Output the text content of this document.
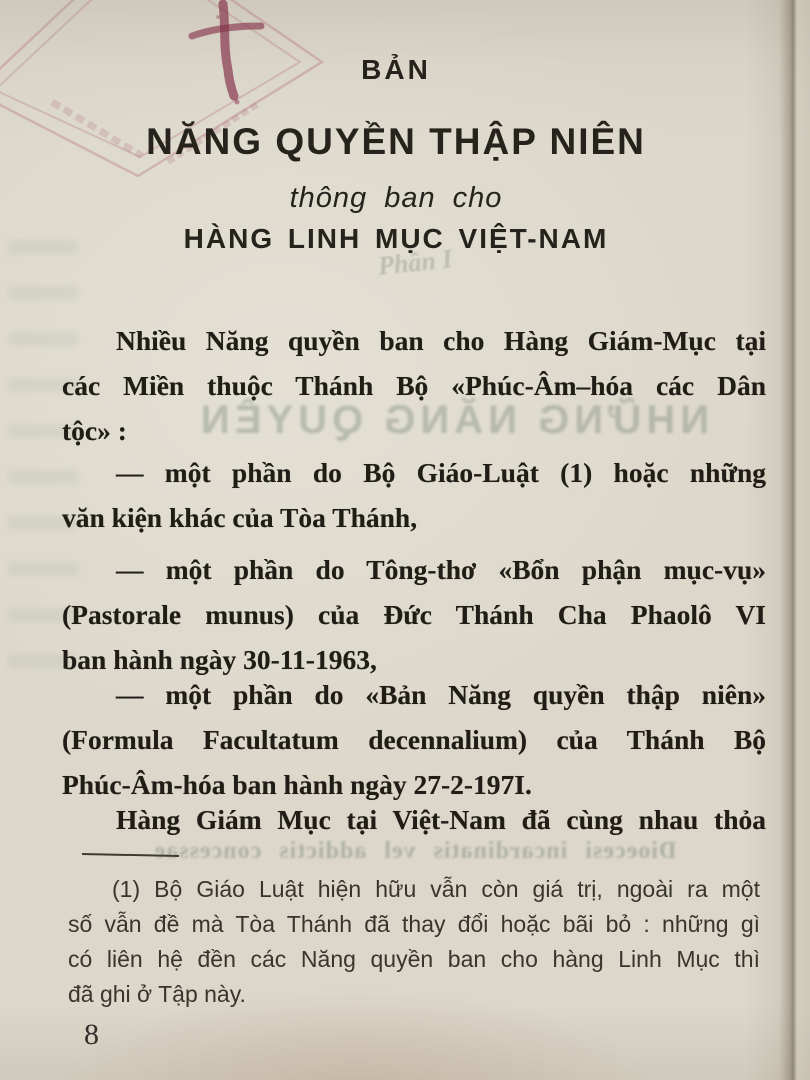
Phần I
NHỮNG NĂNG QUYỀN
Dioecesi incardinatis vel addictis concessae
BẢN
NĂNG QUYỀN THẬP NIÊN
thông ban cho
HÀNG LINH MỤC VIỆT-NAM
Nhiều Năng quyền ban cho Hàng Giám-Mục tại
các Miền thuộc Thánh Bộ «Phúc-Âm–hóa các Dân
tộc» :
— một phần do Bộ Giáo-Luật (1) hoặc những
văn kiện khác của Tòa Thánh,
— một phần do Tông-thơ «Bổn phận mục-vụ»
(Pastorale munus) của Đức Thánh Cha Phaolô VI
ban hành ngày 30-11-1963,
— một phần do «Bản Năng quyền thập niên»
(Formula Facultatum decennalium) của Thánh Bộ
Phúc-Âm-hóa ban hành ngày 27-2-197I.
Hàng Giám Mục tại Việt-Nam đã cùng nhau thỏa
(1) Bộ Giáo Luật hiện hữu vẫn còn giá trị, ngoài ra một
số vẫn đề mà Tòa Thánh đã thay đổi hoặc bãi bỏ : những gì
có liên hệ đền các Năng quyền ban cho hàng Linh Mục thì
đã ghi ở Tập này.
8
